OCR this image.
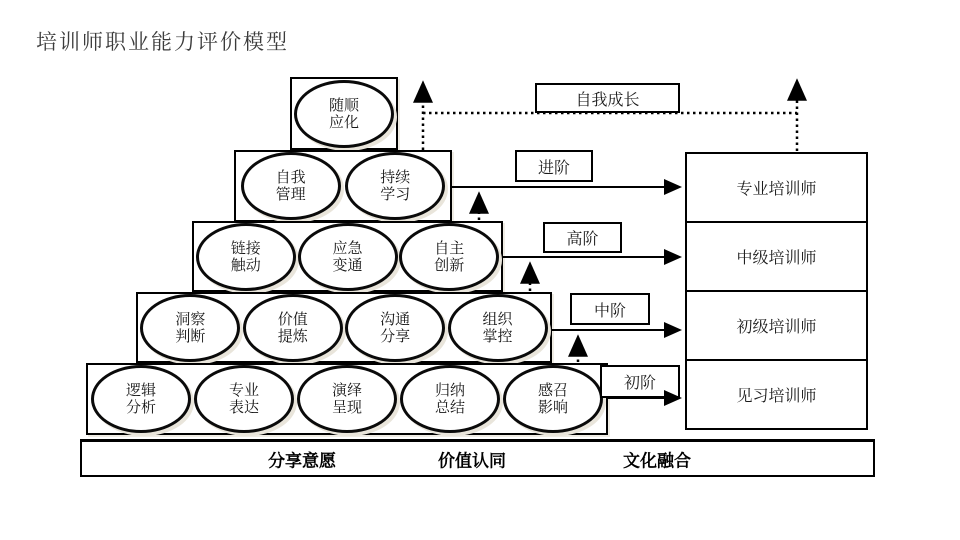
培训师职业能力评价模型
随顺
应化
自我
管理
持续
学习
链接
触动
应急
变通
自主
创新
洞察
判断
价值
提炼
沟通
分享
组织
掌控
逻辑
分析
专业
表达
演绎
呈现
归纳
总结
感召
影响
分享意愿	价值认同	文化融合
自我成长
进阶
高阶
中阶
初阶
专业培训师
中级培训师
初级培训师
见习培训师
